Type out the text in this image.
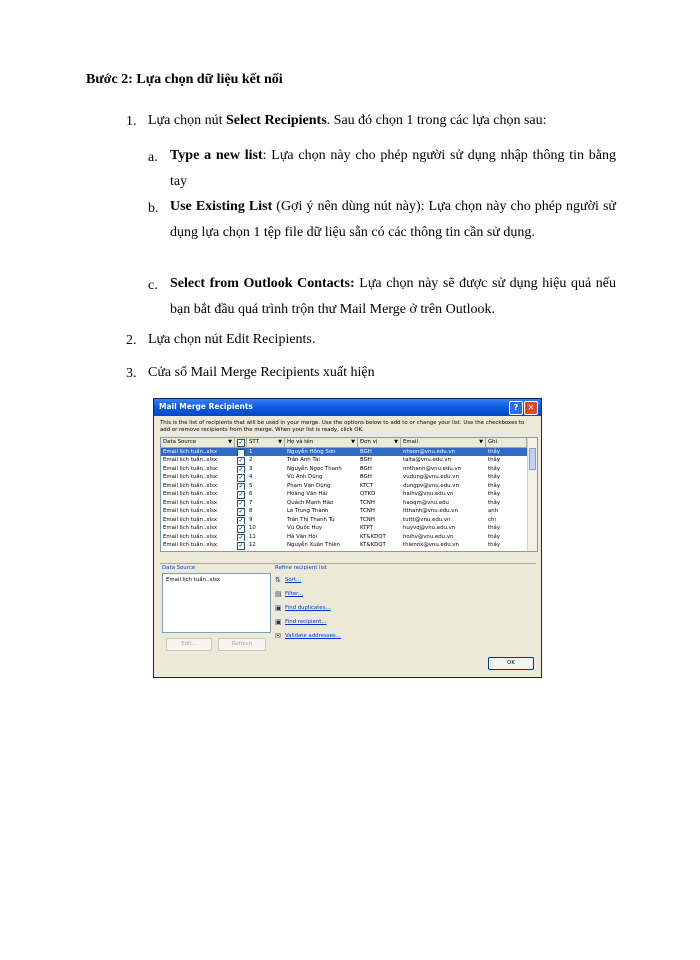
Bước 2: Lựa chọn dữ liệu kết nối
1. Lựa chọn nút Select Recipients. Sau đó chọn 1 trong các lựa chọn sau:
a. Type a new list: Lựa chọn này cho phép người sử dụng nhập thông tin bằng tay
b. Use Existing List (Gợi ý nên dùng nút này): Lựa chọn này cho phép người sử dụng lựa chọn 1 tệp file dữ liệu sẵn có các thông tin cần sử dụng.
c. Select from Outlook Contacts: Lựa chọn này sẽ được sử dụng hiệu quả nếu bạn bắt đầu quá trình trộn thư Mail Merge ở trên Outlook.
2. Lựa chọn nút Edit Recipients.
3. Cửa sổ Mail Merge Recipients xuất hiện
Mail Merge Recipients	?	✕
This is the list of recipients that will be used in your merge. Use the options below to add to or change your list. Use the checkboxes to add or remove recipients from the merge. When your list is ready, click OK.
Data Source	▼	✓	STT	▼ Họ và tên	▼ Đơn vị	▼ Email	▼ Ghi
Email lịch tuần..xlsx	✓	1	Nguyễn Hồng Sơn	BGH	nhson@vnu.edu.vn	thầy
Email lịch tuần..xlsx	✓	2	Trần Anh Tài	BGH	taita@vnu.edu.vn	thầy
Email lịch tuần..xlsx	✓	3	Nguyễn Ngọc Thanh	BGH	nnthanh@vnu.edu.vn	thầy
Email lịch tuần..xlsx	✓	4	Vũ Anh Dũng	BGH	vudung@vnu.edu.vn	thầy
Email lịch tuần..xlsx	✓	5	Phạm Văn Dũng	KTCT	dungpv@vnu.edu.vn	thầy
Email lịch tuần..xlsx	✓	6	Hoàng Văn Hải	QTKD	haihv@vnu.edu.vn	thầy
Email lịch tuần..xlsx	✓	7	Quách Mạnh Hào	TCNH	haoqm@vnu.edu	thầy
Email lịch tuần..xlsx	✓	8	Lê Trung Thành	TCNH	ltthanh@vnu.edu.vn	anh
Email lịch tuần..xlsx	✓	9	Trần Thị Thanh Tú	TCNH	tuttt@vnu.edu.vn	chị
Email lịch tuần..xlsx	✓	10	Vũ Quốc Huy	KTPT	huyvq@vnu.edu.vn	thầy
Email lịch tuần..xlsx	✓	11	Hà Văn Hội	KT&KDQT	hoihv@vnu.edu.vn	thầy
Email lịch tuần..xlsx	✓	12	Nguyễn Xuân Thiên	KT&KDQT	thiennx@vnu.edu.vn	thầy
Data Source
Email lịch tuần..xlsx
Edit...	Refresh
Refine recipient list
⇅ Sort...
▤ Filter...
▣ Find duplicates...
▣ Find recipient...
✉ Validate addresses...
OK
